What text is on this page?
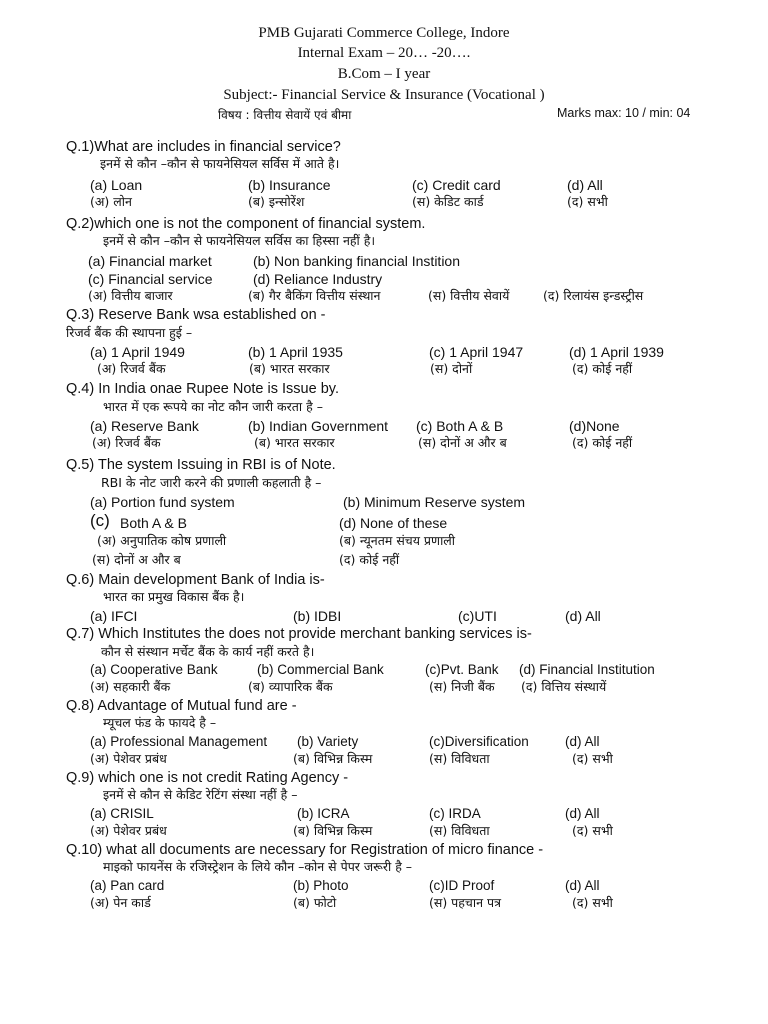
PMB Gujarati Commerce College, Indore
Internal Exam – 20… -20….
B.Com – I year
Subject:- Financial Service & Insurance (Vocational )
विषय : वित्तीय सेवायें एवं बीमा	Marks max: 10 / min: 04
Q.1)What are includes in financial service?
इनमें से कौन –कौन से फायनेसियल सर्विस में आते है।
(a) Loan	(b) Insurance	(c) Credit card	(d) All
(अ) लोन	(ब) इन्सोरेंश	(स) केडिट कार्ड	(द) सभी
Q.2)which one is not the component of financial system.
इनमें से कौन –कौन से फायनेसियल सर्विस का हिस्सा नहीं है।
(a) Financial market	(b) Non banking financial Instition
(c) Financial service	(d) Reliance Industry
(अ) वित्तीय बाजार	(ब) गैर बैकिंग वित्तीय संस्थान	(स) वित्तीय सेवायें	(द) रिलायंस इन्डस्ट्रीस
Q.3) Reserve Bank wsa established on -
रिजर्व बैंक की स्थापना हुई –
(a) 1 April 1949	(b) 1 April 1935	(c) 1 April 1947	(d) 1 April 1939
(अ) रिजर्व बैंक	(ब) भारत सरकार	(स) दोनों	(द) कोई नहीं
Q.4) In India onae Rupee Note is Issue by.
भारत में एक रूपये का नोट कौन जारी करता है –
(a) Reserve Bank	(b) Indian Government (c) Both A & B	(d)None
(अ) रिजर्व बैंक	(ब) भारत सरकार	(स) दोनों अ और ब	(द) कोई नहीं
Q.5) The system Issuing in RBI is of Note.
RBI के नोट जारी करने की प्रणाली कहलाती है –
(a) Portion fund system	(b) Minimum Reserve system
(c) Both A & B	(d) None of these
(अ) अनुपातिक कोष प्रणाली	(ब) न्यूनतम संचय प्रणाली
(स) दोनों अ और ब	(द) कोई नहीं
Q.6) Main development Bank of India is-
भारत का प्रमुख विकास बैंक है।
(a) IFCI	(b) IDBI	(c)UTI	(d) All
Q.7) Which Institutes the does not provide merchant banking services is-
कौन से संस्थान मर्चेट बैंक के कार्य नहीं करते है।
(a) Cooperative Bank	(b) Commercial Bank	(c)Pvt. Bank (d) Financial Institution
(अ) सहकारी बैंक	(ब) व्यापारिक बैंक	(स) निजी बैंक (द) वित्तिय संस्थायें
Q.8) Advantage of Mutual fund are -
म्यूचल फंड के फायदे है –
(a) Professional Management (b) Variety	(c)Diversification	(d) All
(अ) पेशेवर प्रबंध	(ब) विभिन्न किस्म	(स) विविधता	(द) सभी
Q.9) which one is not credit Rating Agency -
इनमें से कौन से केडिट रेटिंग संस्था नहीं है –
(a) CRISIL	(b) ICRA	(c) IRDA	(d) All
(अ) पेशेवर प्रबंध	(ब) विभिन्न किस्म	(स) विविधता	(द) सभी
Q.10) what all documents are necessary for Registration of micro finance -
माइको फायनेंस के रजिस्ट्रेशन के लिये कौन –कोन से पेपर जरूरी है –
(a) Pan card	(b) Photo	(c)ID Proof	(d) All
(अ) पेन कार्ड	(ब) फोटो	(स) पहचान पत्र	(द) सभी
